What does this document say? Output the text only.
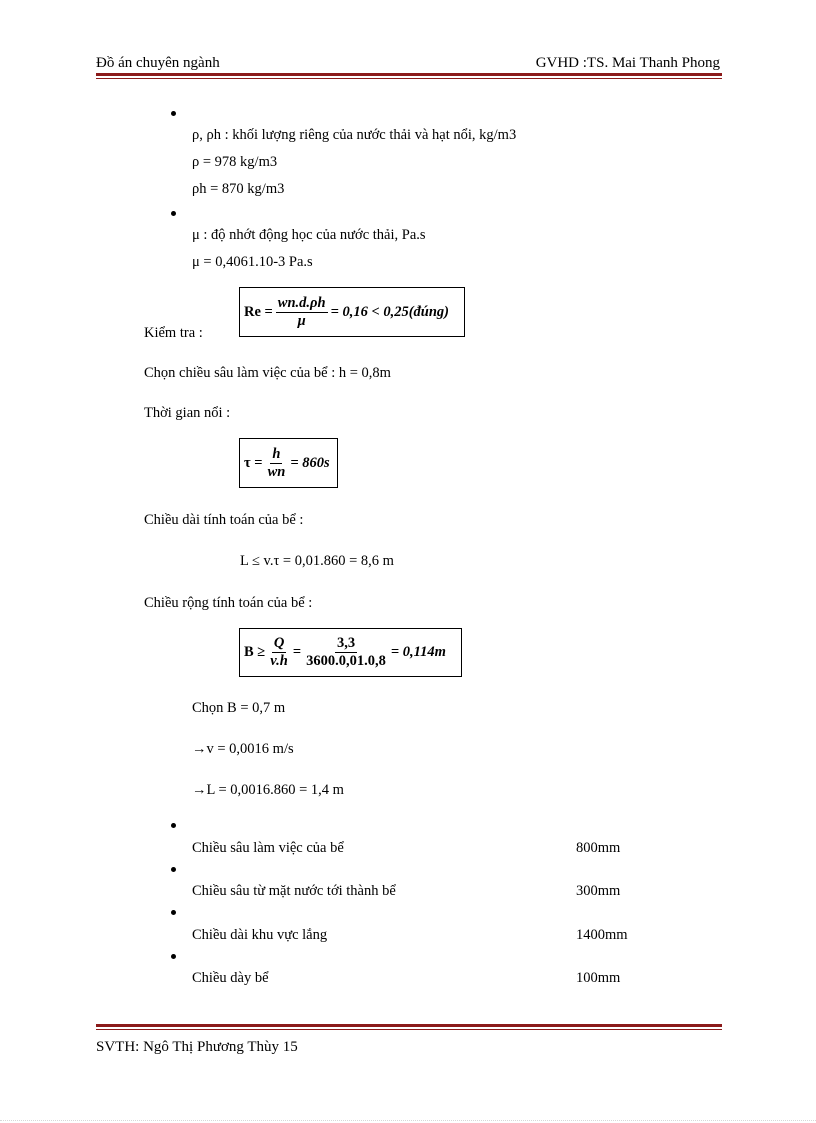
Đồ án chuyên ngành	GVHD :TS. Mai Thanh Phong
ρ, ρh : khối lượng riêng của nước thải và hạt nổi, kg/m3
ρ = 978 kg/m3
ρh = 870 kg/m3
μ : độ nhớt động học của nước thải, Pa.s
μ = 0,4061.10-3 Pa.s
$Re = \frac{wn.d.\rho h}{\mu} = 0,16$ < 0,25(đúng)
Kiểm tra :
Chọn chiều sâu làm việc của bể : h = 0,8m
Thời gian nổi :
$\tau = \frac{h}{wn} = 860s$
Chiều dài tính toán của bể :
L ≤ v.τ = 0,01.860 = 8,6 m
Chiều rộng tính toán của bể :
$B \ge \frac{Q}{v.h} = \frac{3,3}{3600.0,01.0,8} = 0,114m$
Chọn B = 0,7 m
→v = 0,0016 m/s
→L = 0,0016.860 = 1,4 m
Chiều sâu làm việc của bể	800mm
Chiều sâu từ mặt nước tới thành bể	300mm
Chiều dài khu vực lắng	1400mm
Chiều dày bể	100mm
SVTH: Ngô Thị Phương Thùy 15
